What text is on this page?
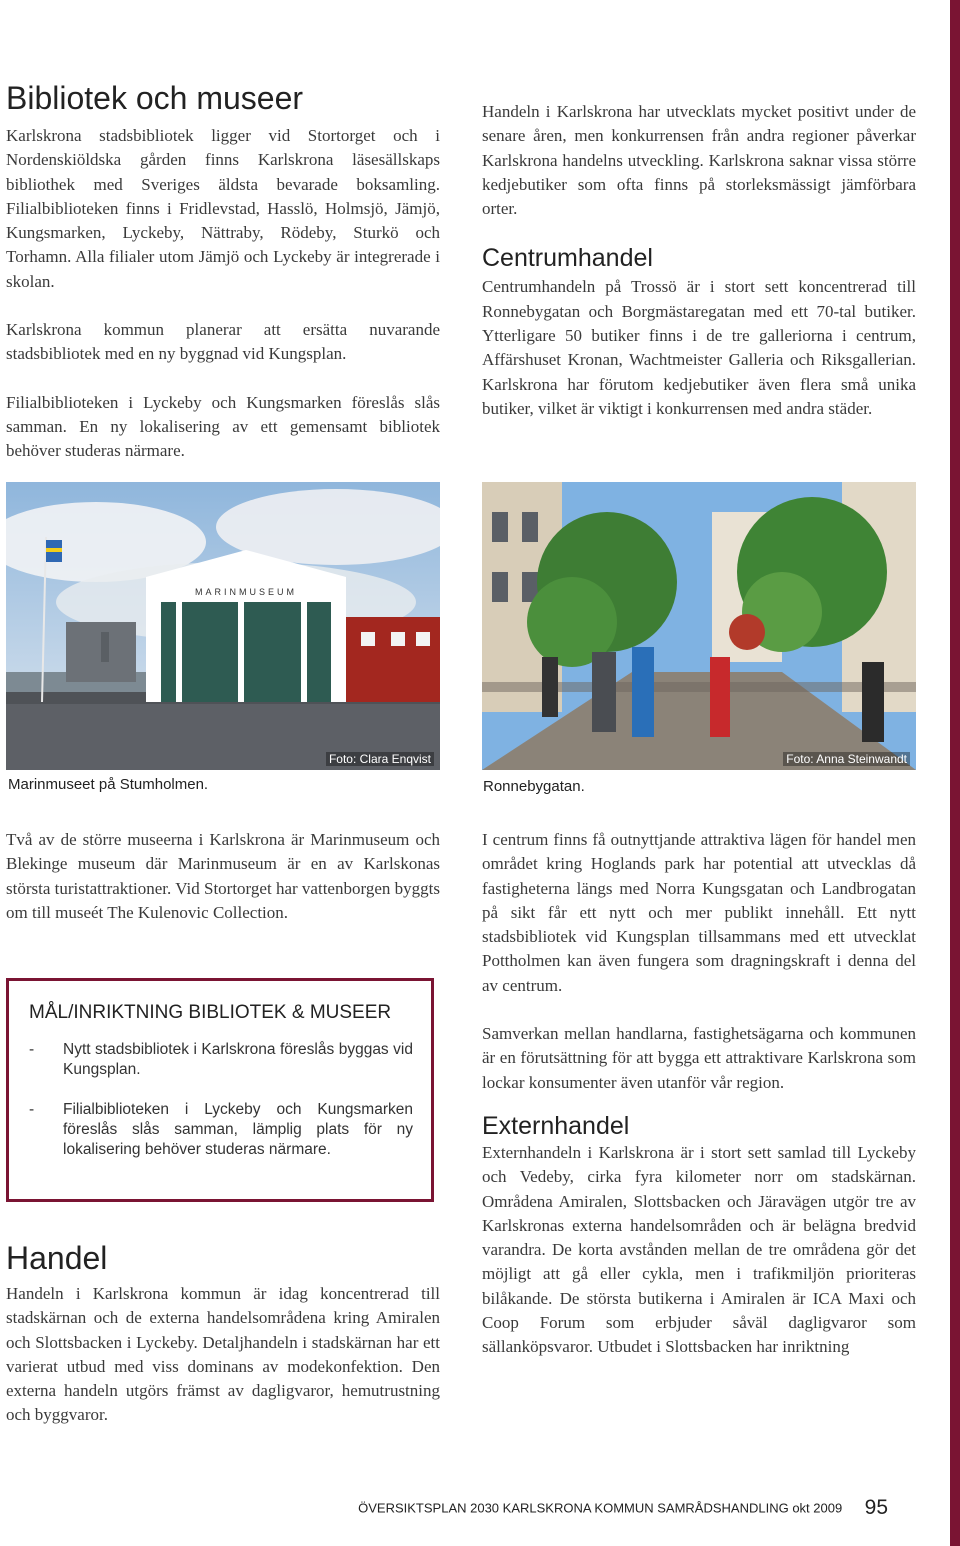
Bibliotek och museer

Karlskrona stadsbibliotek ligger vid Stortorget och i Nordenskiöldska gården finns Karlskrona läsesällskaps bibliothek med Sveriges äldsta bevarade boksamling. Filialbiblioteken finns i Fridlevstad, Hasslö, Holmsjö, Jämjö, Kungsmarken, Lyckeby, Nättraby, Rödeby, Sturkö och Torhamn. Alla filialer utom Jämjö och Lyckeby är integrerade i skolan.

Karlskrona kommun planerar att ersätta nuvarande stadsbibliotek med en ny byggnad vid Kungsplan.

Filialbiblioteken i Lyckeby och Kungsmarken föreslås slås samman. En ny lokalisering av ett gemensamt bibliotek behöver studeras närmare.

Handeln i Karlskrona har utvecklats mycket positivt under de senare åren, men konkurrensen från andra regioner påverkar Karlskrona handelns utveckling. Karlskrona saknar vissa större kedjebutiker som ofta finns på storleksmässigt jämförbara orter.

Centrumhandel

Centrumhandeln på Trossö är i stort sett koncentrerad till Ronnebygatan och Borgmästaregatan med ett 70-tal butiker. Ytterligare 50 butiker finns i de tre galleriorna i centrum, Affärshuset Kronan, Wachtmeister Galleria och Riksgallerian. Karlskrona har förutom kedjebutiker även flera små unika butiker, vilket är viktigt i konkurrensen med andra städer.

MARINMUSEUM
Foto: Clara Enqvist
Marinmuseet på Stumholmen.
Foto: Anna Steinwandt
Ronnebygatan.

Två av de större museerna i Karlskrona är Marinmuseum och Blekinge museum där Marinmuseum är en av Karlskonas största turistattraktioner. Vid Stortorget har vattenborgen byggts om till museét The Kulenovic Collection.

MÅL/INRIKTNING BIBLIOTEK & MUSEER
- Nytt stadsbibliotek i Karlskrona föreslås byggas vid Kungsplan.
- Filialbiblioteken i Lyckeby och Kungsmarken föreslås slås samman, lämplig plats för ny lokalisering behöver studeras närmare.
Handel

Handeln i Karlskrona kommun är idag koncentrerad till stadskärnan och de externa handelsområdena kring Amiralen och Slottsbacken i Lyckeby. Detaljhandeln i stadskärnan har ett varierat utbud med viss dominans av modekonfektion. Den externa handeln utgörs främst av dagligvaror, hemutrustning och byggvaror.

I centrum finns få outnyttjande attraktiva lägen för handel men området kring Hoglands park har potential att utvecklas då fastigheterna längs med Norra Kungsgatan och Landbrogatan på sikt får ett nytt och mer publikt innehåll. Ett nytt stadsbibliotek vid Kungsplan tillsammans med ett utvecklat Pottholmen kan även fungera som dragningskraft i denna del av centrum.

Samverkan mellan handlarna, fastighetsägarna och kommunen är en förutsättning för att bygga ett attraktivare Karlskrona som lockar konsumenter även utanför vår region.

Externhandel

Externhandeln i Karlskrona är i stort sett samlad till Lyckeby och Vedeby, cirka fyra kilometer norr om stadskärnan. Områdena Amiralen, Slottsbacken och Järavägen utgör tre av Karlskronas externa handelsområden och är belägna bredvid varandra. De korta avstånden mellan de tre områdena gör det möjligt att gå eller cykla, men i trafikmiljön prioriteras bilåkande. De största butikerna i Amiralen är ICA Maxi och Coop Forum som erbjuder såväl dagligvaror som sällanköpsvaror. Utbudet i Slottsbacken har inriktning

ÖVERSIKTSPLAN 2030 KARLSKRONA KOMMUN SAMRÅDSHANDLING okt 2009 95
